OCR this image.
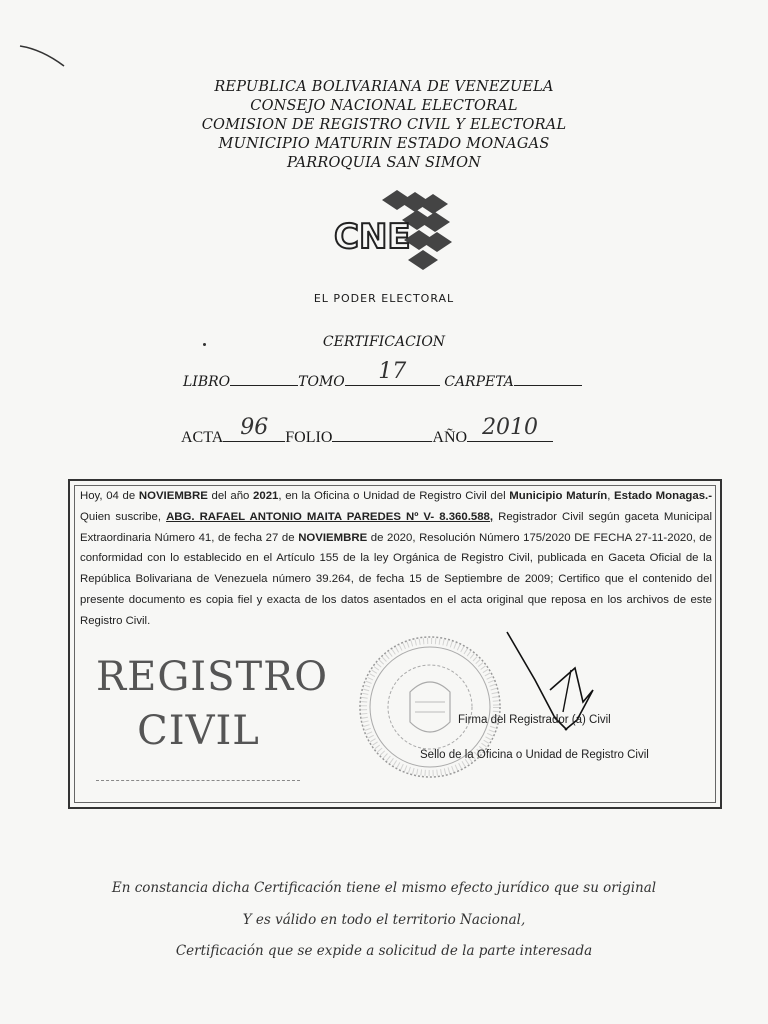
REPUBLICA BOLIVARIANA DE VENEZUELA
CONSEJO NACIONAL ELECTORAL
COMISION DE REGISTRO CIVIL Y ELECTORAL
MUNICIPIO MATURIN ESTADO MONAGAS
PARROQUIA SAN SIMON
CNE
EL PODER ELECTORAL
CERTIFICACION
LIBRO	TOMO	17	CARPETA
ACTA 96	FOLIO	AÑO 2010
Hoy, 04 de NOVIEMBRE del año 2021, en la Oficina o Unidad de Registro Civil del Municipio Maturín, Estado Monagas.- Quien suscribe, ABG. RAFAEL ANTONIO MAITA PAREDES Nº V- 8.360.588, Registrador Civil según gaceta Municipal Extraordinaria Número 41, de fecha 27 de NOVIEMBRE de 2020, Resolución Número 175/2020 DE FECHA 27-11-2020, de conformidad con lo establecido en el Artículo 155 de la ley Orgánica de Registro Civil, publicada en Gaceta Oficial de la República Bolivariana de Venezuela número 39.264, de fecha 15 de Septiembre de 2009; Certifico que el contenido del presente documento es copia fiel y exacta de los datos asentados en el acta original que reposa en los archivos de este Registro Civil.
REGISTRO
CIVIL	Firma del Registrador (a) Civil
Sello de la Oficina o Unidad de Registro Civil
En constancia dicha Certificación tiene el mismo efecto jurídico que su original
Y es válido en todo el territorio Nacional,
Certificación que se expide a solicitud de la parte interesada
